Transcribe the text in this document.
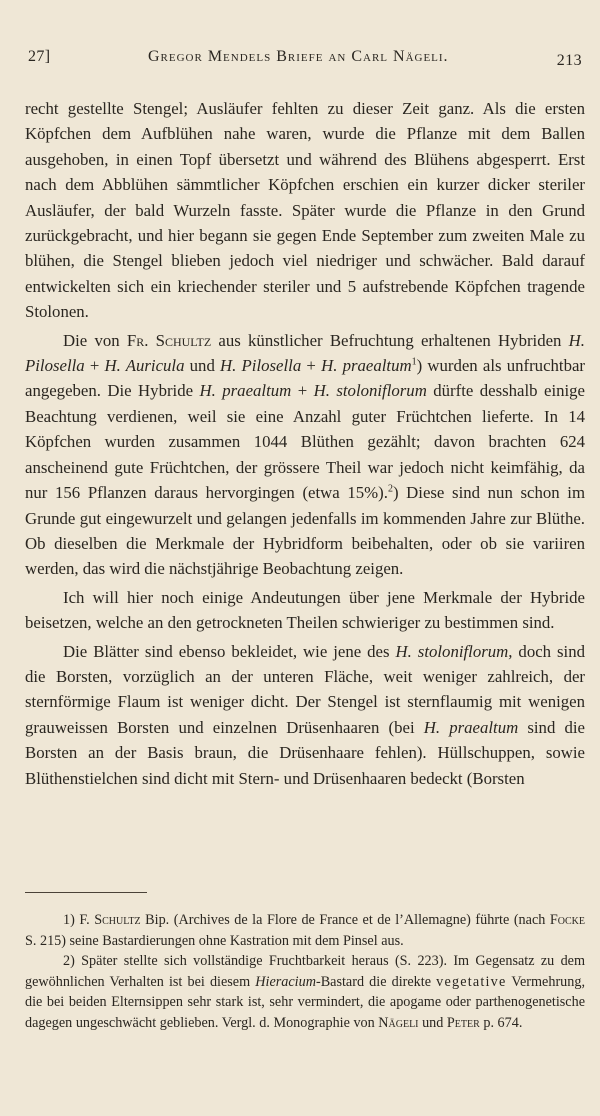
27]	Gregor Mendels Briefe an Carl Nägeli.	213

recht gestellte Stengel; Ausläufer fehlten zu dieser Zeit ganz. Als die ersten Köpfchen dem Aufblühen nahe waren, wurde die Pflanze mit dem Ballen ausgehoben, in einen Topf übersetzt und während des Blühens abgesperrt. Erst nach dem Abblühen sämmtlicher Köpfchen erschien ein kurzer dicker steriler Ausläufer, der bald Wurzeln fasste. Später wurde die Pflanze in den Grund zurückgebracht, und hier begann sie gegen Ende September zum zweiten Male zu blühen, die Stengel blieben jedoch viel niedriger und schwächer. Bald darauf entwickelten sich ein kriechender steriler und 5 aufstrebende Köpfchen tragende Stolonen.

Die von Fr. Schultz aus künstlicher Befruchtung erhaltenen Hybriden H. Pilosella + H. Auricula und H. Pilosella + H. praealtum$^1$) wurden als unfruchtbar angegeben. Die Hybride H. praealtum + H. stoloniflorum dürfte desshalb einige Beachtung verdienen, weil sie eine Anzahl guter Früchtchen lieferte. In 14 Köpfchen wurden zusammen 1044 Blüthen gezählt; davon brachten 624 anscheinend gute Früchtchen, der grössere Theil war jedoch nicht keimfähig, da nur 156 Pflanzen daraus hervorgingen (etwa 15%).$^2$) Diese sind nun schon im Grunde gut eingewurzelt und gelangen jedenfalls im kommenden Jahre zur Blüthe. Ob dieselben die Merkmale der Hybridform beibehalten, oder ob sie variiren werden, das wird die nächstjährige Beobachtung zeigen.

Ich will hier noch einige Andeutungen über jene Merkmale der Hybride beisetzen, welche an den getrockneten Theilen schwieriger zu bestimmen sind.

Die Blätter sind ebenso bekleidet, wie jene des H. stoloniflorum, doch sind die Borsten, vorzüglich an der unteren Fläche, weit weniger zahlreich, der sternförmige Flaum ist weniger dicht. Der Stengel ist sternflaumig mit wenigen grauweissen Borsten und einzelnen Drüsenhaaren (bei H. praealtum sind die Borsten an der Basis braun, die Drüsenhaare fehlen). Hüllschuppen, sowie Blüthenstielchen sind dicht mit Stern- und Drüsenhaaren bedeckt (Borsten

1) F. Schultz Bip. (Archives de la Flore de France et de l’Allemagne) führte (nach Focke S. 215) seine Bastardierungen ohne Kastration mit dem Pinsel aus.

2) Später stellte sich vollständige Fruchtbarkeit heraus (S. 223). Im Gegensatz zu dem gewöhnlichen Verhalten ist bei diesem Hieracium-Bastard die direkte vegetative Vermehrung, die bei beiden Elternsippen sehr stark ist, sehr vermindert, die apogame oder parthenogenetische dagegen ungeschwächt geblieben. Vergl. d. Monographie von Nägeli und Peter p. 674.
